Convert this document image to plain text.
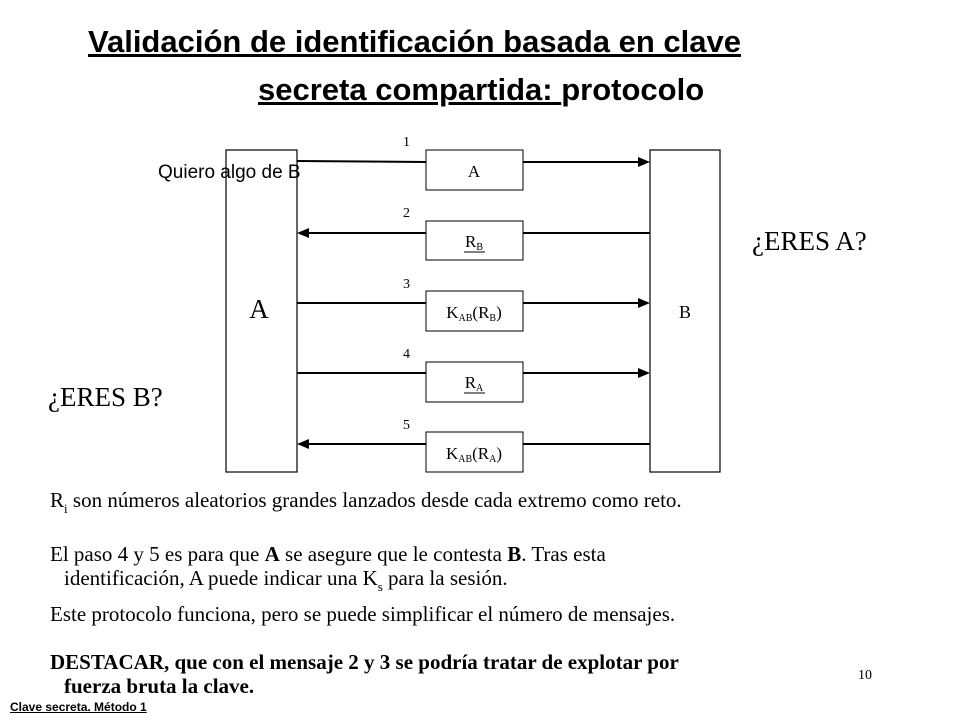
Validación de identificación basada en clave
secreta compartida: protocolo
A	B
1
A
2
RB
3
KAB(RB)
4
RA
5
KAB(RA)
Quiero algo de B
¿ERES A?
¿ERES B?
$R_i$ son números aleatorios grandes lanzados desde cada extremo como reto.
El paso 4 y 5 es para que A se asegure que le contesta B. Tras esta
identificación, A puede indicar una $K_s$ para la sesión.
Este protocolo funciona, pero se puede simplificar el número de mensajes.
DESTACAR, que con el mensaje 2 y 3 se podría tratar de explotar por
fuerza bruta la clave.	10
Clave secreta. Método 1
